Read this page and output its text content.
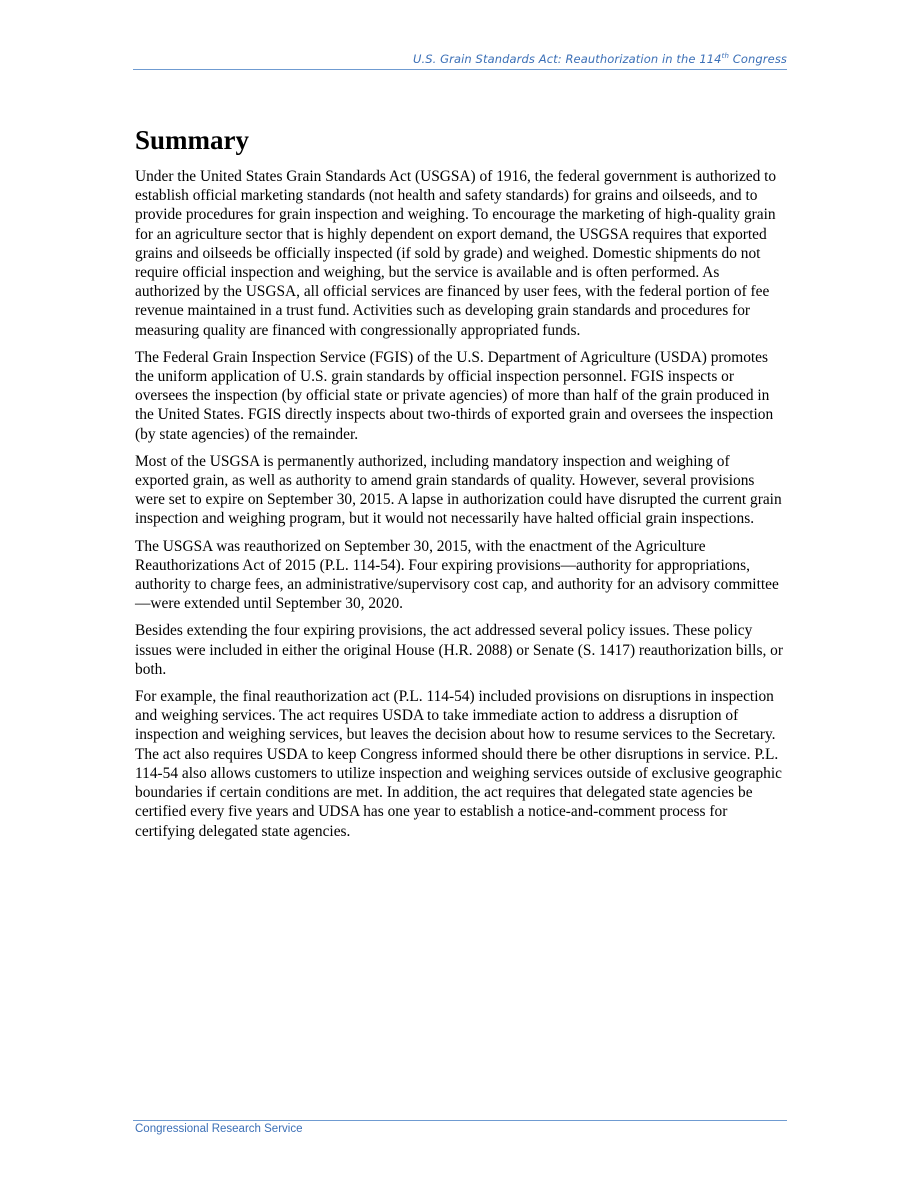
U.S. Grain Standards Act: Reauthorization in the 114th Congress
Summary

Under the United States Grain Standards Act (USGSA) of 1916, the federal government is authorized to establish official marketing standards (not health and safety standards) for grains and oilseeds, and to provide procedures for grain inspection and weighing. To encourage the marketing of high-quality grain for an agriculture sector that is highly dependent on export demand, the USGSA requires that exported grains and oilseeds be officially inspected (if sold by grade) and weighed. Domestic shipments do not require official inspection and weighing, but the service is available and is often performed. As authorized by the USGSA, all official services are financed by user fees, with the federal portion of fee revenue maintained in a trust fund. Activities such as developing grain standards and procedures for measuring quality are financed with congressionally appropriated funds.

The Federal Grain Inspection Service (FGIS) of the U.S. Department of Agriculture (USDA) promotes the uniform application of U.S. grain standards by official inspection personnel. FGIS inspects or oversees the inspection (by official state or private agencies) of more than half of the grain produced in the United States. FGIS directly inspects about two-thirds of exported grain and oversees the inspection (by state agencies) of the remainder.

Most of the USGSA is permanently authorized, including mandatory inspection and weighing of exported grain, as well as authority to amend grain standards of quality. However, several provisions were set to expire on September 30, 2015. A lapse in authorization could have disrupted the current grain inspection and weighing program, but it would not necessarily have halted official grain inspections.

The USGSA was reauthorized on September 30, 2015, with the enactment of the Agriculture Reauthorizations Act of 2015 (P.L. 114-54). Four expiring provisions—authority for appropriations, authority to charge fees, an administrative/supervisory cost cap, and authority for an advisory committee—were extended until September 30, 2020.

Besides extending the four expiring provisions, the act addressed several policy issues. These policy issues were included in either the original House (H.R. 2088) or Senate (S. 1417) reauthorization bills, or both.

For example, the final reauthorization act (P.L. 114-54) included provisions on disruptions in inspection and weighing services. The act requires USDA to take immediate action to address a disruption of inspection and weighing services, but leaves the decision about how to resume services to the Secretary. The act also requires USDA to keep Congress informed should there be other disruptions in service. P.L. 114-54 also allows customers to utilize inspection and weighing services outside of exclusive geographic boundaries if certain conditions are met. In addition, the act requires that delegated state agencies be certified every five years and UDSA has one year to establish a notice-and-comment process for certifying delegated state agencies.

Congressional Research Service
